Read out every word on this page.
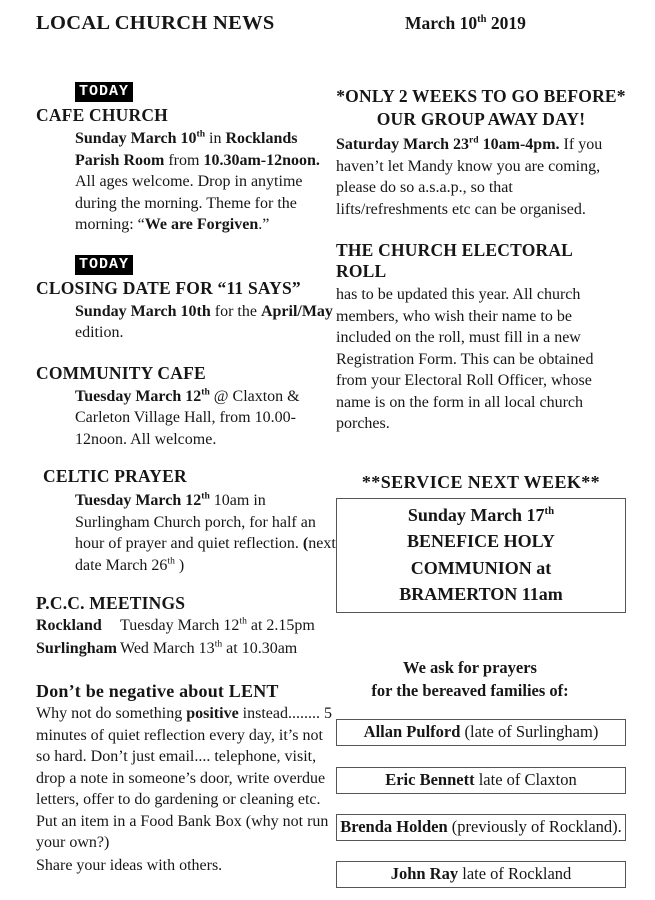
LOCAL CHURCH NEWS	March 10th 2019
TODAY
CAFE CHURCH

Sunday March 10th in Rocklands Parish Room from 10.30am-12noon. All ages welcome. Drop in anytime during the morning. Theme for the morning: “We are Forgiven.”

TODAY
CLOSING DATE FOR “11 SAYS”

Sunday March 10th for the April/May edition.

COMMUNITY CAFE

Tuesday March 12th @ Claxton & Carleton Village Hall, from 10.00-12noon. All welcome.

CELTIC PRAYER

Tuesday March 12th 10am in Surlingham Church porch, for half an hour of prayer and quiet reflection. (next date March 26th )

P.C.C. MEETINGS
Rockland Tuesday March 12th at 2.15pm
Surlingham Wed March 13th at 10.30am
Don’t be negative about LENT

Why not do something positive instead........ 5 minutes of quiet reflection every day, it’s not so hard. Don’t just email.... telephone, visit, drop a note in someone’s door, write overdue letters, offer to do gardening or cleaning etc. Put an item in a Food Bank Box (why not run your own?)

Share your ideas with others.

*ONLY 2 WEEKS TO GO BEFORE*
OUR GROUP AWAY DAY!

Saturday March 23rd 10am-4pm. If you haven’t let Mandy know you are coming, please do so a.s.a.p., so that lifts/refreshments etc can be organised.

THE CHURCH ELECTORAL ROLL

has to be updated this year. All church members, who wish their name to be included on the roll, must fill in a new Registration Form. This can be obtained from your Electoral Roll Officer, whose name is on the form in all local church porches.

**SERVICE NEXT WEEK**
Sunday March 17th
BENEFICE HOLY
COMMUNION at
BRAMERTON 11am
We ask for prayers
for the bereaved families of:
Allan Pulford (late of Surlingham)
Eric Bennett late of Claxton
Brenda Holden (previously of Rockland).
John Ray late of Rockland
